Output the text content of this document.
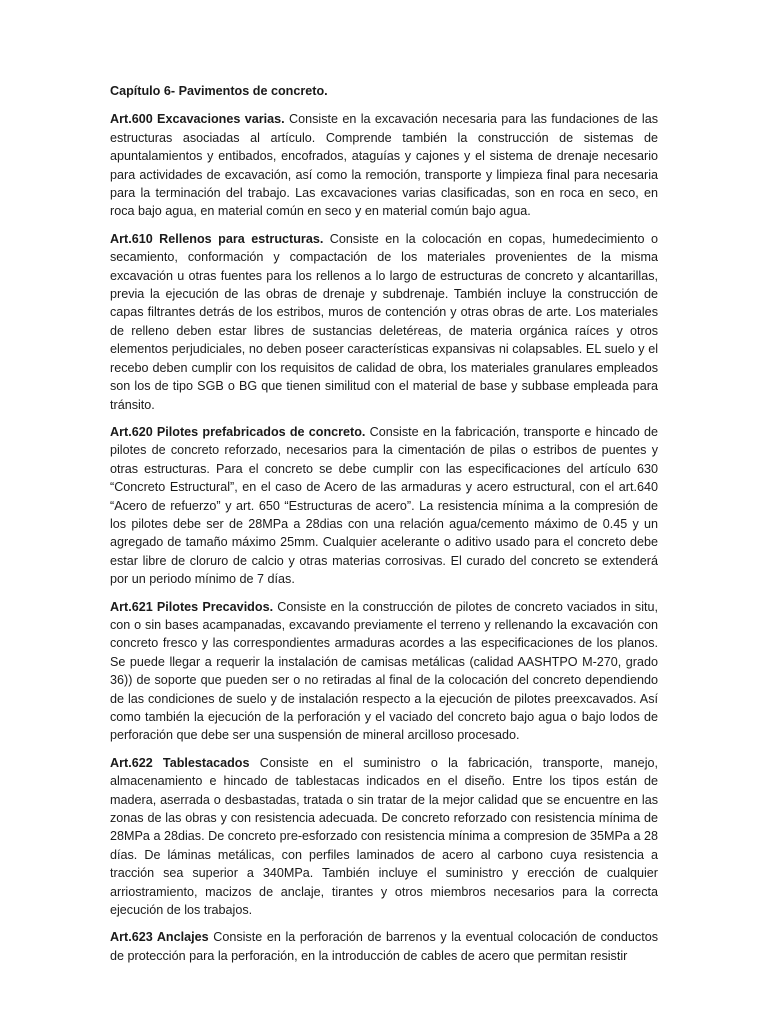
Capítulo 6- Pavimentos de concreto.

Art.600 Excavaciones varias. Consiste en la excavación necesaria para las fundaciones de las estructuras asociadas al artículo. Comprende también la construcción de sistemas de apuntalamientos y entibados, encofrados, ataguías y cajones y el sistema de drenaje necesario para actividades de excavación, así como la remoción, transporte y limpieza final para necesaria para la terminación del trabajo. Las excavaciones varias clasificadas, son en roca en seco, en roca bajo agua, en material común en seco y en material común bajo agua.

Art.610 Rellenos para estructuras. Consiste en la colocación en copas, humedecimiento o secamiento, conformación y compactación de los materiales provenientes de la misma excavación u otras fuentes para los rellenos a lo largo de estructuras de concreto y alcantarillas, previa la ejecución de las obras de drenaje y subdrenaje. También incluye la construcción de capas filtrantes detrás de los estribos, muros de contención y otras obras de arte. Los materiales de relleno deben estar libres de sustancias deletéreas, de materia orgánica raíces y otros elementos perjudiciales, no deben poseer características expansivas ni colapsables. EL suelo y el recebo deben cumplir con los requisitos de calidad de obra, los materiales granulares empleados son los de tipo SGB o BG que tienen similitud con el material de base y subbase empleada para tránsito.

Art.620 Pilotes prefabricados de concreto. Consiste en la fabricación, transporte e hincado de pilotes de concreto reforzado, necesarios para la cimentación de pilas o estribos de puentes y otras estructuras. Para el concreto se debe cumplir con las especificaciones del artículo 630 “Concreto Estructural”, en el caso de Acero de las armaduras y acero estructural, con el art.640 “Acero de refuerzo” y art. 650 “Estructuras de acero”. La resistencia mínima a la compresión de los pilotes debe ser de 28MPa a 28dias con una relación agua/cemento máximo de 0.45 y un agregado de tamaño máximo 25mm. Cualquier acelerante o aditivo usado para el concreto debe estar libre de cloruro de calcio y otras materias corrosivas. El curado del concreto se extenderá por un periodo mínimo de 7 días.

Art.621 Pilotes Precavidos. Consiste en la construcción de pilotes de concreto vaciados in situ, con o sin bases acampanadas, excavando previamente el terreno y rellenando la excavación con concreto fresco y las correspondientes armaduras acordes a las especificaciones de los planos. Se puede llegar a requerir la instalación de camisas metálicas (calidad AASHTPO M-270, grado 36)) de soporte que pueden ser o no retiradas al final de la colocación del concreto dependiendo de las condiciones de suelo y de instalación respecto a la ejecución de pilotes preexcavados. Así como también la ejecución de la perforación y el vaciado del concreto bajo agua o bajo lodos de perforación que debe ser una suspensión de mineral arcilloso procesado.

Art.622 Tablestacados Consiste en el suministro o la fabricación, transporte, manejo, almacenamiento e hincado de tablestacas indicados en el diseño. Entre los tipos están de madera, aserrada o desbastadas, tratada o sin tratar de la mejor calidad que se encuentre en las zonas de las obras y con resistencia adecuada. De concreto reforzado con resistencia mínima de 28MPa a 28dias. De concreto pre-esforzado con resistencia mínima a compresion de 35MPa a 28 días. De láminas metálicas, con perfiles laminados de acero al carbono cuya resistencia a tracción sea superior a 340MPa. También incluye el suministro y erección de cualquier arriostramiento, macizos de anclaje, tirantes y otros miembros necesarios para la correcta ejecución de los trabajos.

Art.623 Anclajes Consiste en la perforación de barrenos y la eventual colocación de conductos de protección para la perforación, en la introducción de cables de acero que permitan resistir
